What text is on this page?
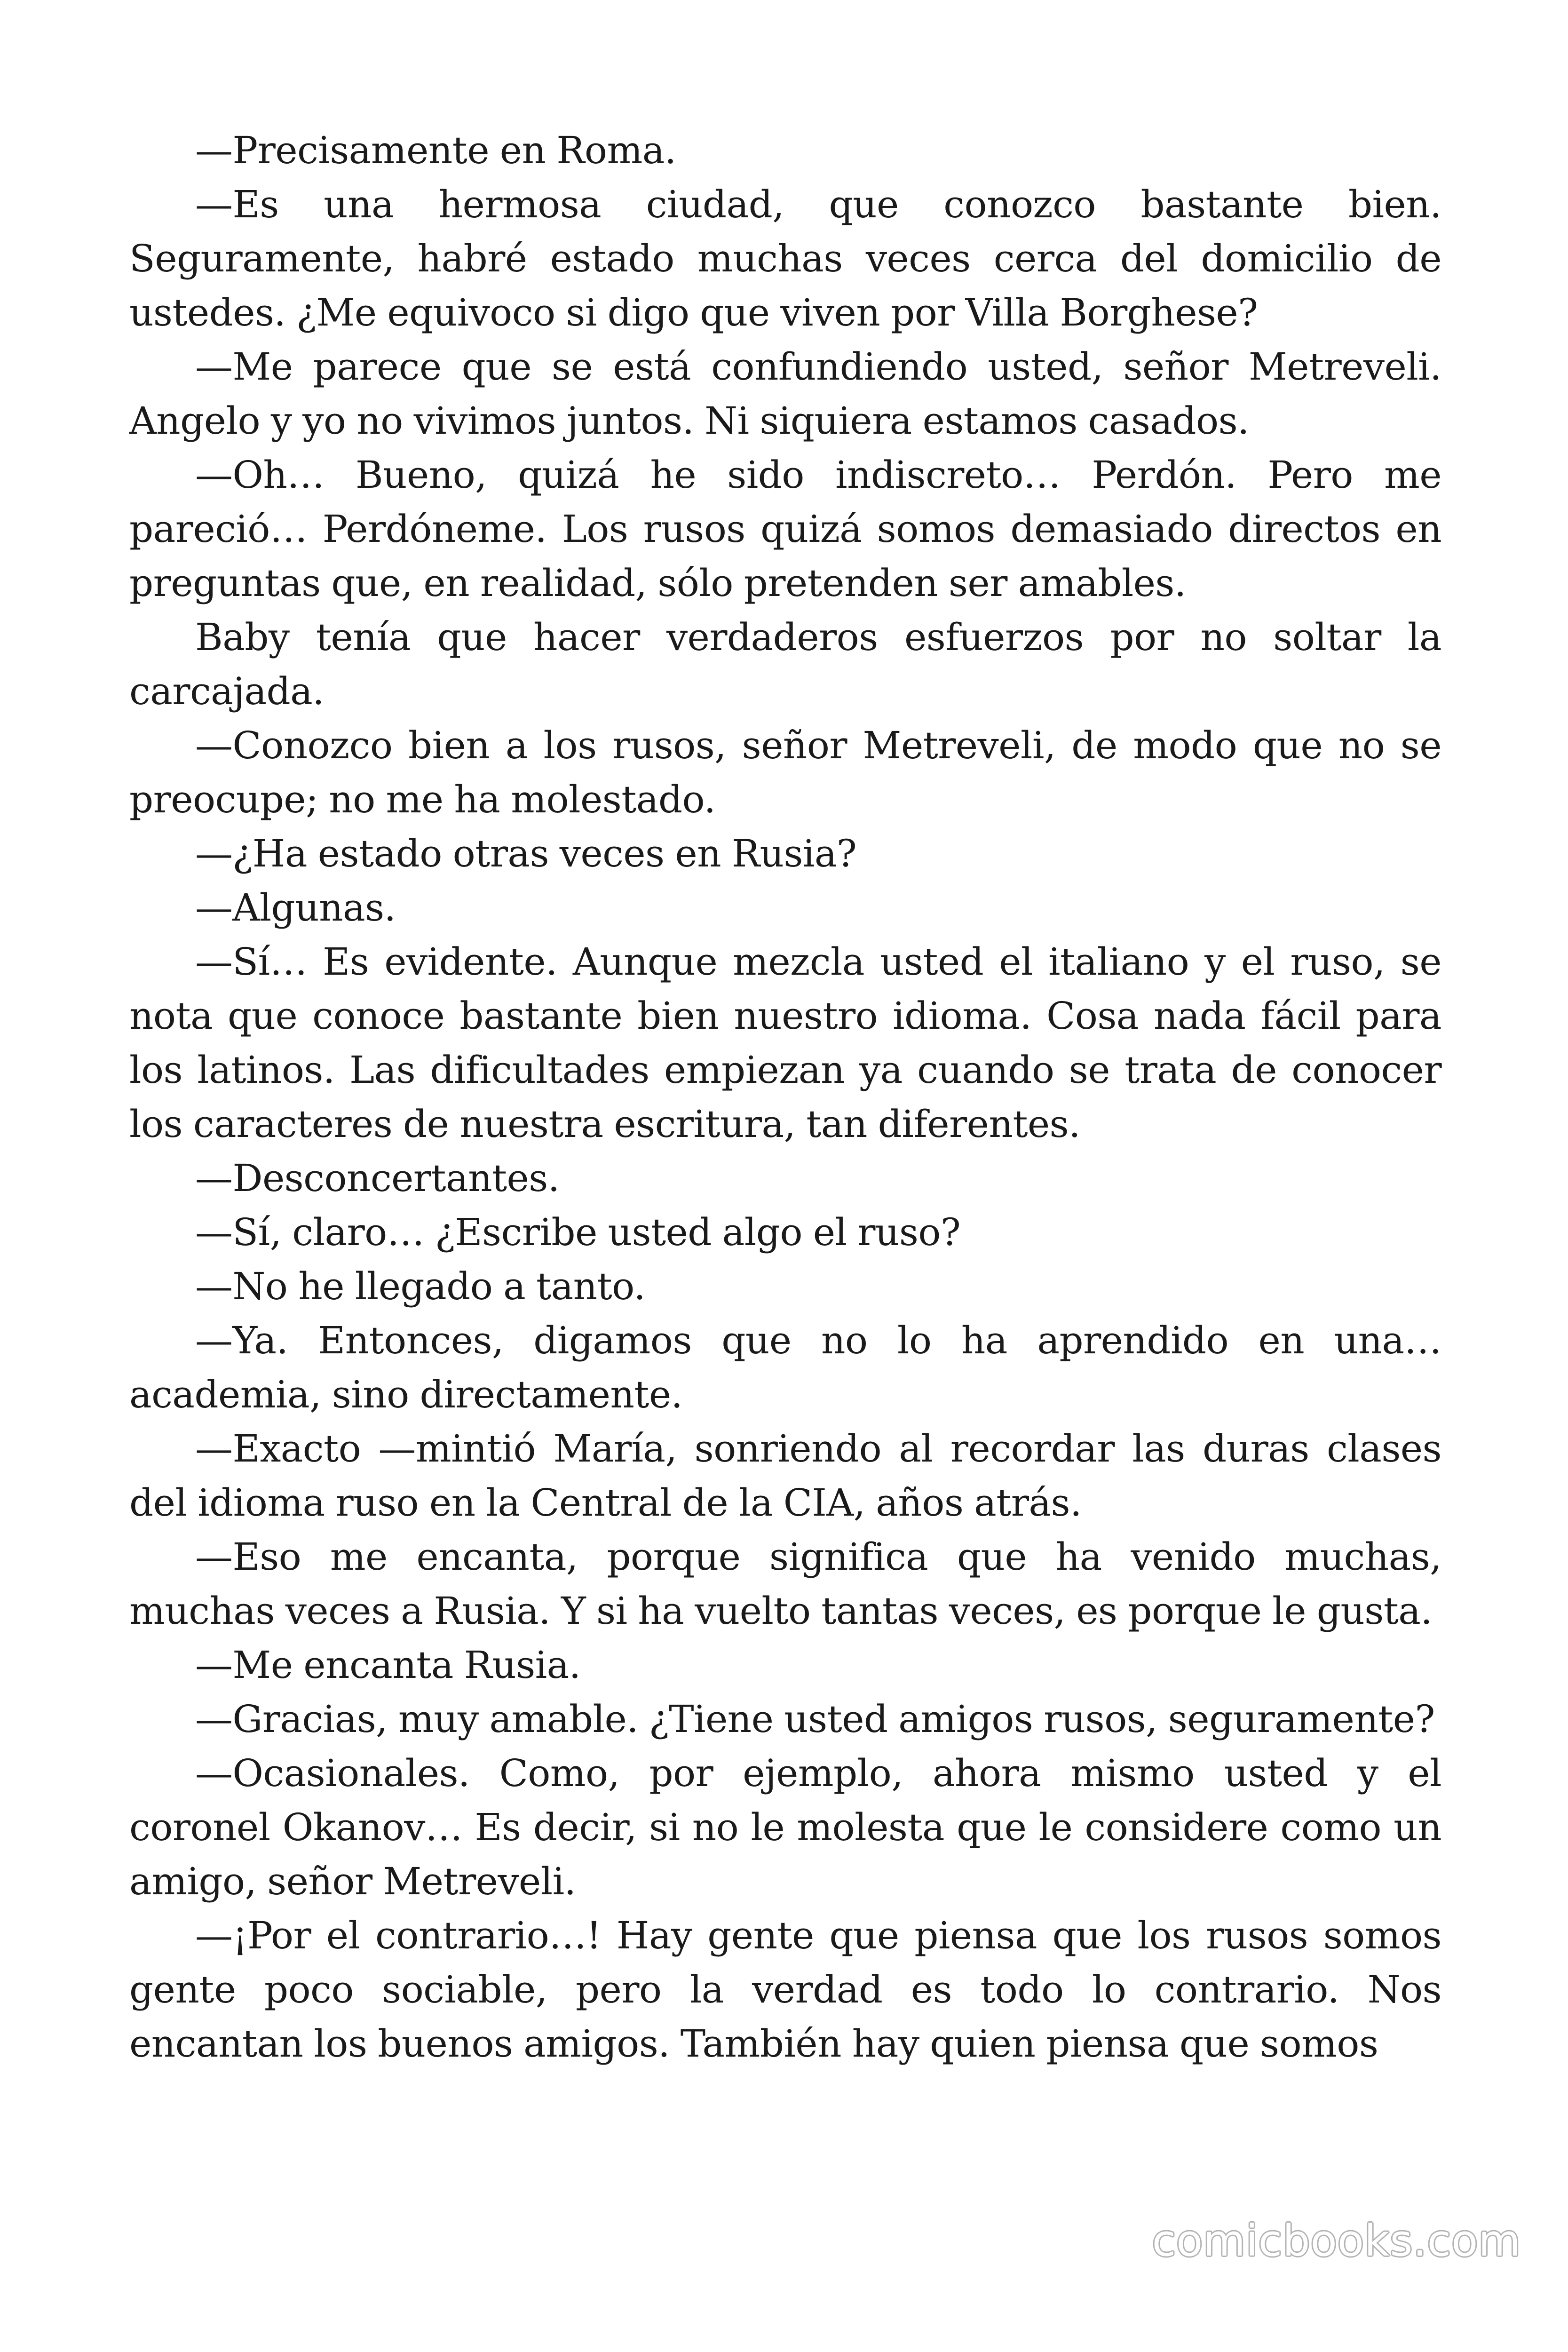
—Precisamente en Roma.

—Es una hermosa ciudad, que conozco bastante bien. Seguramente, habré estado muchas veces cerca del domicilio de ustedes. ¿Me equivoco si digo que viven por Villa Borghese?

—Me parece que se está confundiendo usted, señor Metreveli. Angelo y yo no vivimos juntos. Ni siquiera estamos casados.

—Oh… Bueno, quizá he sido indiscreto… Perdón. Pero me pareció… Perdóneme. Los rusos quizá somos demasiado directos en preguntas que, en realidad, sólo pretenden ser amables.

Baby tenía que hacer verdaderos esfuerzos por no soltar la carcajada.

—Conozco bien a los rusos, señor Metreveli, de modo que no se preocupe; no me ha molestado.

—¿Ha estado otras veces en Rusia?

—Algunas.

—Sí… Es evidente. Aunque mezcla usted el italiano y el ruso, se nota que conoce bastante bien nuestro idioma. Cosa nada fácil para los latinos. Las dificultades empiezan ya cuando se trata de conocer los caracteres de nuestra escritura, tan diferentes.

—Desconcertantes.

—Sí, claro… ¿Escribe usted algo el ruso?

—No he llegado a tanto.

—Ya. Entonces, digamos que no lo ha aprendido en una… academia, sino directamente.

—Exacto —mintió María, sonriendo al recordar las duras clases del idioma ruso en la Central de la CIA, años atrás.

—Eso me encanta, porque significa que ha venido muchas, muchas veces a Rusia. Y si ha vuelto tantas veces, es porque le gusta.

—Me encanta Rusia.

—Gracias, muy amable. ¿Tiene usted amigos rusos, seguramente?

—Ocasionales. Como, por ejemplo, ahora mismo usted y el coronel Okanov… Es decir, si no le molesta que le considere como un amigo, señor Metreveli.

—¡Por el contrario…! Hay gente que piensa que los rusos somos gente poco sociable, pero la verdad es todo lo contrario. Nos encantan los buenos amigos. También hay quien piensa que somos

comicbooks.com
